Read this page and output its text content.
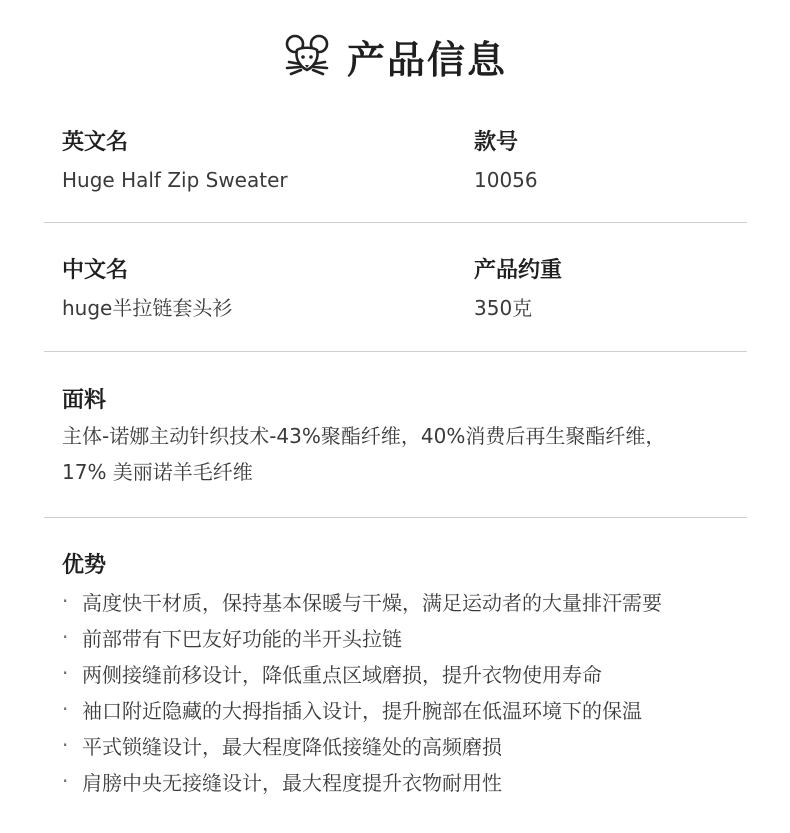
产品信息
英文名
Huge Half Zip Sweater
款号
10056
中文名
huge半拉链套头衫
产品约重
350克
面料
主体-诺娜主动针织技术-43%聚酯纤维，40%消费后再生聚酯纤维，
17% 美丽诺羊毛纤维
优势
· 高度快干材质，保持基本保暖与干燥，满足运动者的大量排汗需要
· 前部带有下巴友好功能的半开头拉链
· 两侧接缝前移设计，降低重点区域磨损，提升衣物使用寿命
· 袖口附近隐藏的大拇指插入设计，提升腕部在低温环境下的保温
· 平式锁缝设计，最大程度降低接缝处的高频磨损
· 肩膀中央无接缝设计，最大程度提升衣物耐用性
